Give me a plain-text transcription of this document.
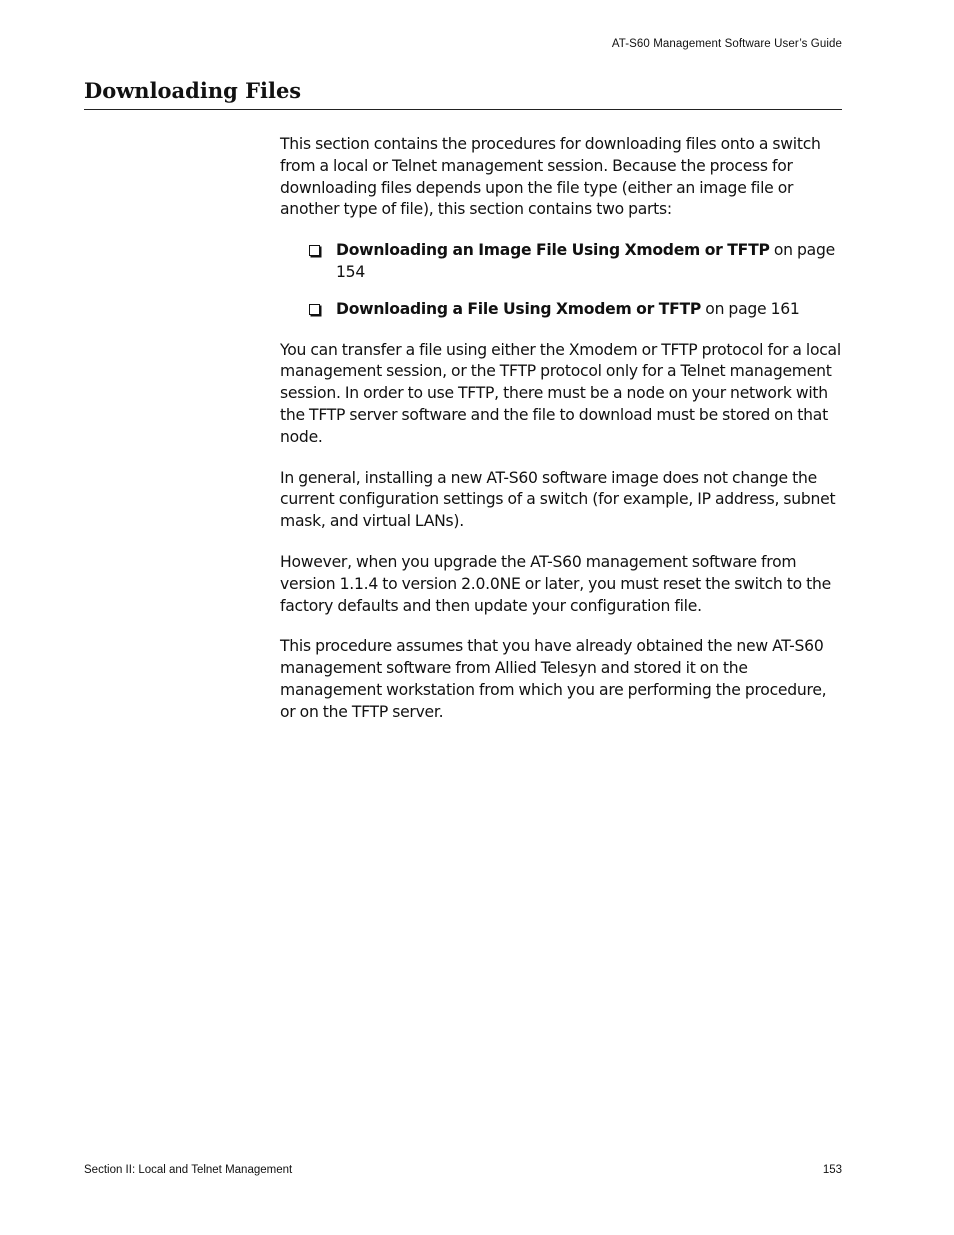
AT-S60 Management Software User’s Guide
Downloading Files

This section contains the procedures for downloading files onto a switch from a local or Telnet management session. Because the process for downloading files depends upon the file type (either an image file or another type of file), this section contains two parts:

Downloading an Image File Using Xmodem or TFTP on page 154
Downloading a File Using Xmodem or TFTP on page 161

You can transfer a file using either the Xmodem or TFTP protocol for a local management session, or the TFTP protocol only for a Telnet management session. In order to use TFTP, there must be a node on your network with the TFTP server software and the file to download must be stored on that node.

In general, installing a new AT-S60 software image does not change the current configuration settings of a switch (for example, IP address, subnet mask, and virtual LANs).

However, when you upgrade the AT-S60 management software from version 1.1.4 to version 2.0.0NE or later, you must reset the switch to the factory defaults and then update your configuration file.

This procedure assumes that you have already obtained the new AT-S60 management software from Allied Telesyn and stored it on the management workstation from which you are performing the procedure, or on the TFTP server.

Section II: Local and Telnet Management	153
